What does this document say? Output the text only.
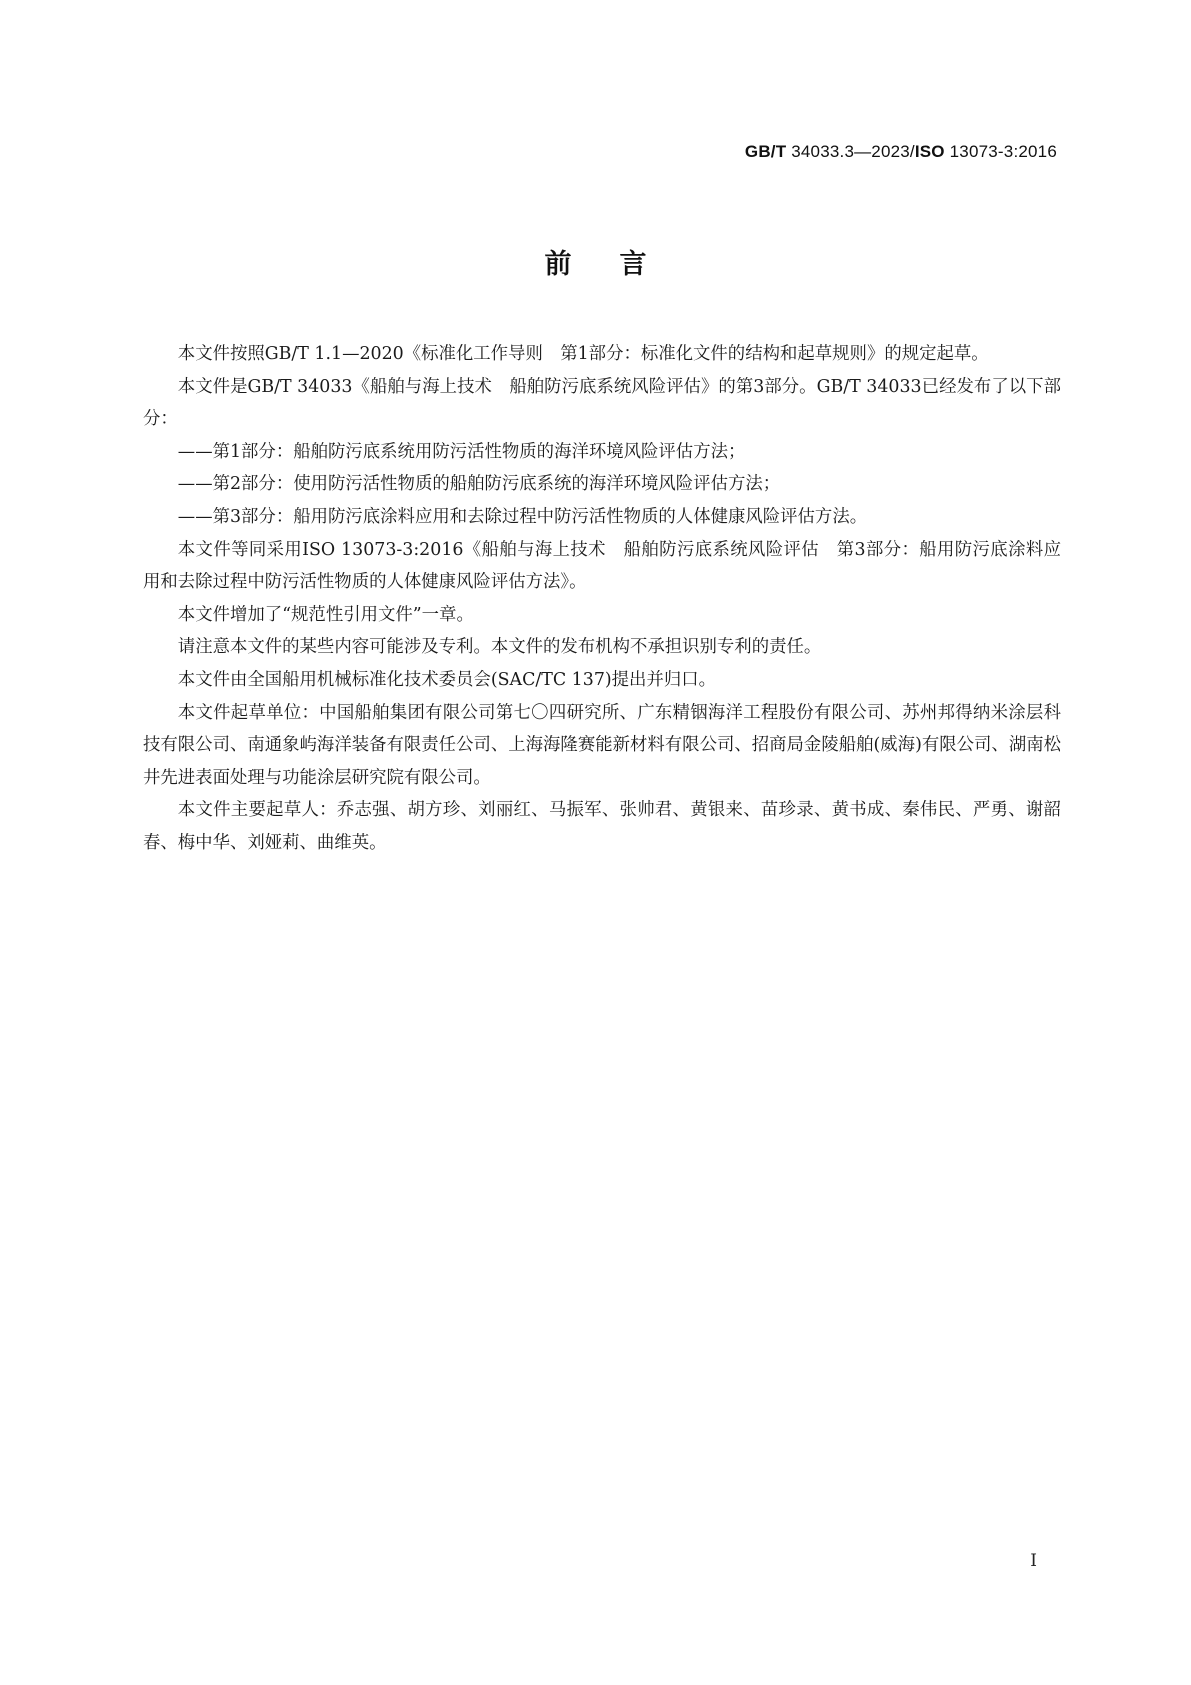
GB/T 34033.3—2023/ISO 13073-3:2016
前言

本文件按照GB/T 1.1—2020《标准化工作导则　第1部分：标准化文件的结构和起草规则》的规定起草。

本文件是GB/T 34033《船舶与海上技术　船舶防污底系统风险评估》的第3部分。GB/T 34033已经发布了以下部分：

——第1部分：船舶防污底系统用防污活性物质的海洋环境风险评估方法；

——第2部分：使用防污活性物质的船舶防污底系统的海洋环境风险评估方法；

——第3部分：船用防污底涂料应用和去除过程中防污活性物质的人体健康风险评估方法。

本文件等同采用ISO 13073-3:2016《船舶与海上技术　船舶防污底系统风险评估　第3部分：船用防污底涂料应用和去除过程中防污活性物质的人体健康风险评估方法》。

本文件增加了“规范性引用文件”一章。

请注意本文件的某些内容可能涉及专利。本文件的发布机构不承担识别专利的责任。

本文件由全国船用机械标准化技术委员会(SAC/TC 137)提出并归口。

本文件起草单位：中国船舶集团有限公司第七〇四研究所、广东精铟海洋工程股份有限公司、苏州邦得纳米涂层科技有限公司、南通象屿海洋装备有限责任公司、上海海隆赛能新材料有限公司、招商局金陵船舶(威海)有限公司、湖南松井先进表面处理与功能涂层研究院有限公司。

本文件主要起草人：乔志强、胡方珍、刘丽红、马振军、张帅君、黄银来、苗珍录、黄书成、秦伟民、严勇、谢韶春、梅中华、刘娅莉、曲维英。

I
